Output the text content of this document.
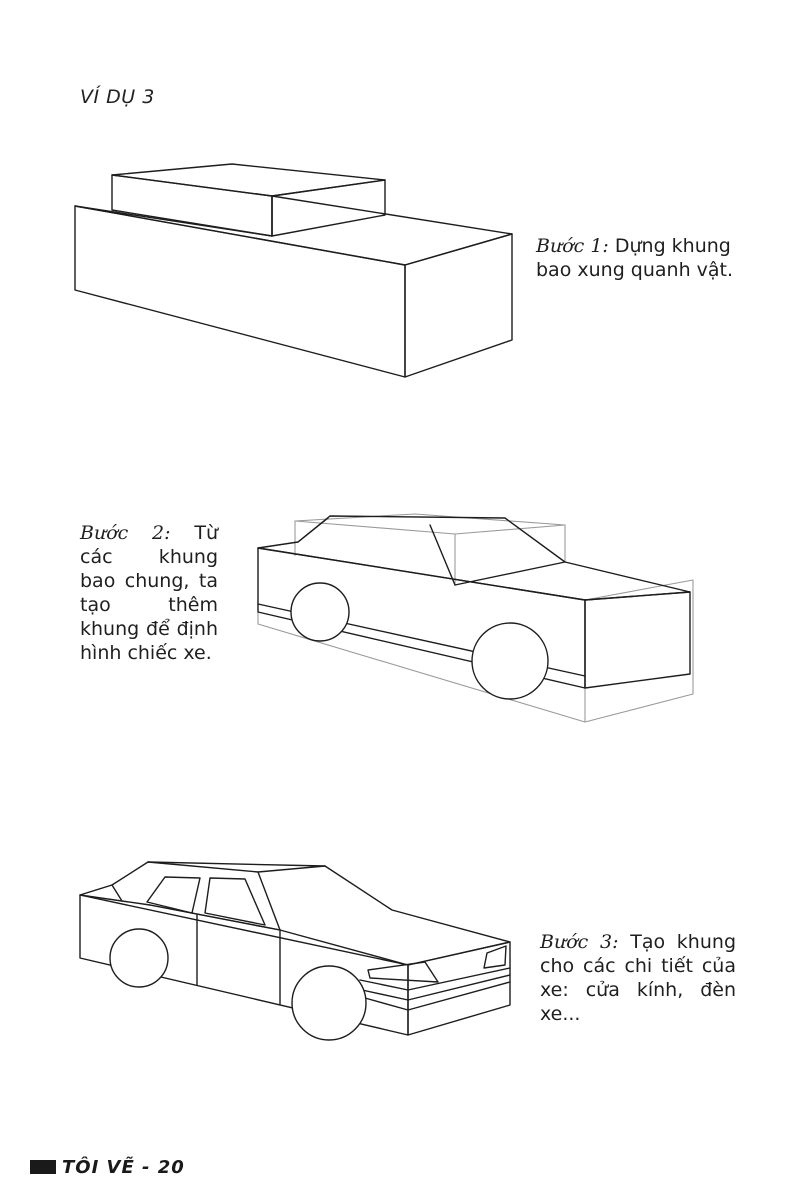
VÍ DỤ 3
Bước 1: Dựng khung bao xung quanh vật.
Bước 2: Từ các khung bao chung, ta tạo thêm khung để định hình chiếc xe.
Bước 3: Tạo khung cho các chi tiết của xe: cửa kính, đèn xe...
TÔI VẼ - 20
